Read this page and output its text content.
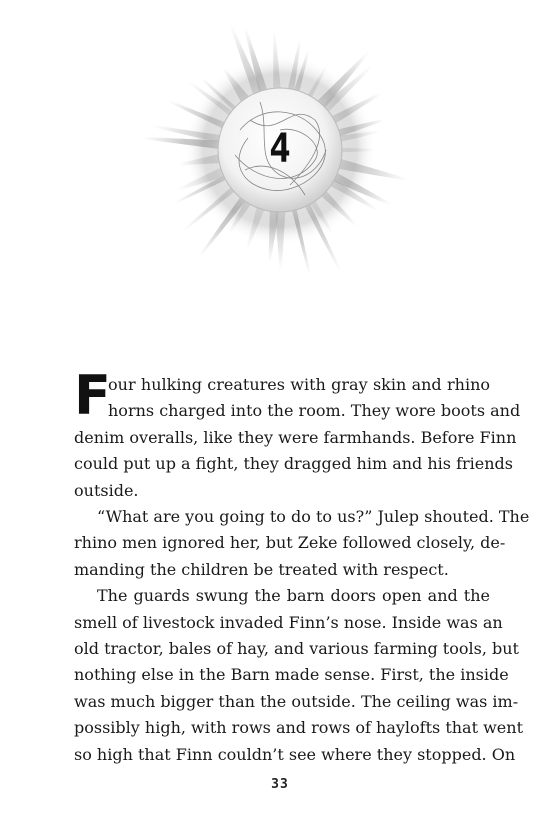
4
F
our hulking creatures with gray skin and rhino
horns charged into the room. They wore boots and
denim overalls, like they were farmhands. Before Finn
could put up a fight, they dragged him and his friends
outside.
“What are you going to do to us?” Julep shouted. The
rhino men ignored her, but Zeke followed closely, de-
manding the children be treated with respect.
The guards swung the barn doors open and the
smell of livestock invaded Finn’s nose. Inside was an
old tractor, bales of hay, and various farming tools, but
nothing else in the Barn made sense. First, the inside
was much bigger than the outside. The ceiling was im-
possibly high, with rows and rows of haylofts that went
so high that Finn couldn’t see where they stopped. On
33
